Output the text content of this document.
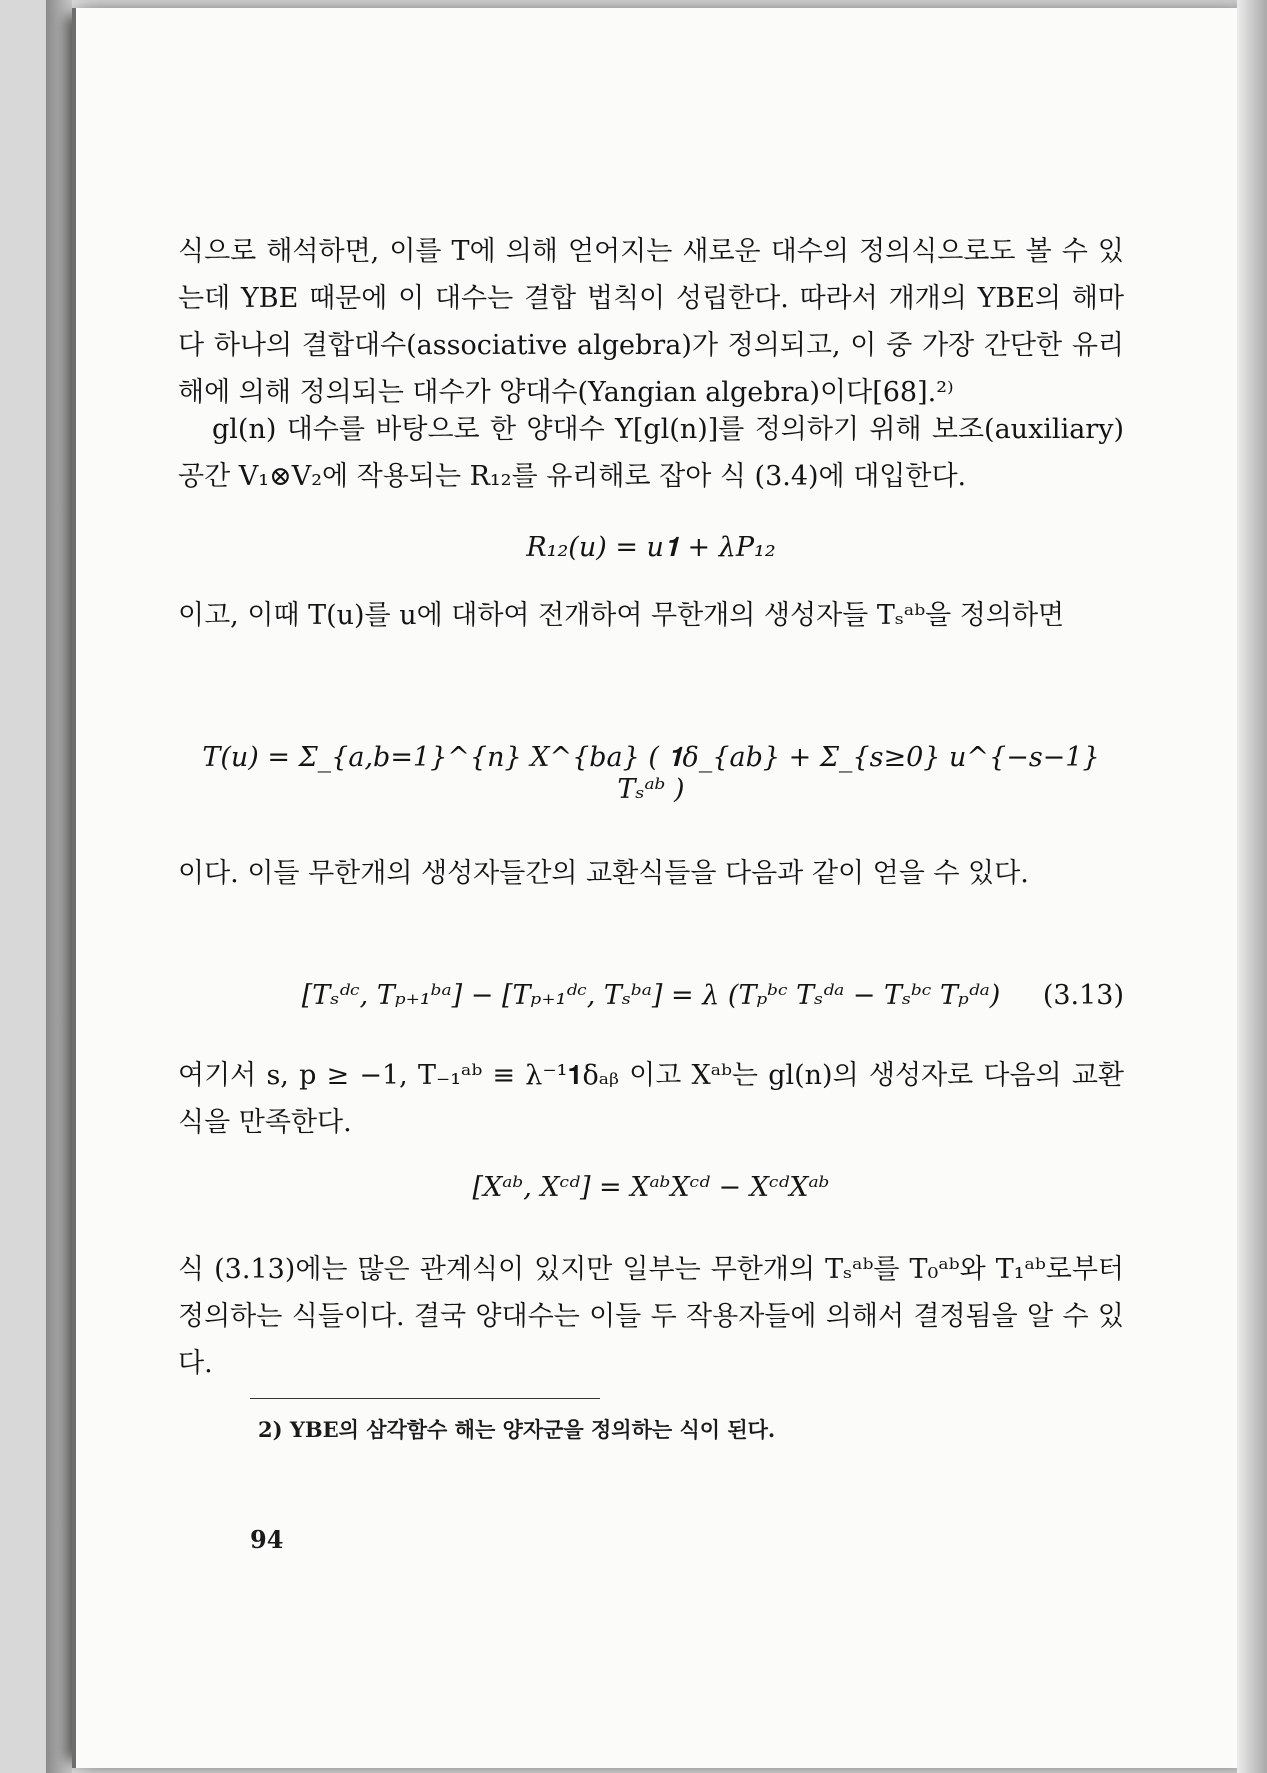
식으로 해석하면, 이를 T에 의해 얻어지는 새로운 대수의 정의식으로도 볼 수 있는데 YBE 때문에 이 대수는 결합 법칙이 성립한다. 따라서 개개의 YBE의 해마다 하나의 결합대수(associative algebra)가 정의되고, 이 중 가장 간단한 유리해에 의해 정의되는 대수가 양대수(Yangian algebra)이다[68].²⁾

gl(n) 대수를 바탕으로 한 양대수 Y[gl(n)]를 정의하기 위해 보조(auxiliary) 공간 V₁⊗V₂에 작용되는 R₁₂를 유리해로 잡아 식 (3.4)에 대입한다.

R₁₂(u) = u𝟏 + λP₁₂

이고, 이때 T(u)를 u에 대하여 전개하여 무한개의 생성자들 Tₛᵃᵇ을 정의하면

T(u) = Σ_{a,b=1}^{n} X^{ba} ( 𝟏δ_{ab} + Σ_{s≥0} u^{−s−1} Tₛᵃᵇ )

이다. 이들 무한개의 생성자들간의 교환식들을 다음과 같이 얻을 수 있다.

[Tₛᵈᶜ, Tₚ₊₁ᵇᵃ] − [Tₚ₊₁ᵈᶜ, Tₛᵇᵃ] = λ (Tₚᵇᶜ Tₛᵈᵃ − Tₛᵇᶜ Tₚᵈᵃ) (3.13)

여기서 s, p ≥ −1, T₋₁ᵃᵇ ≡ λ⁻¹𝟏δₐᵦ 이고 Xᵃᵇ는 gl(n)의 생성자로 다음의 교환식을 만족한다.

[Xᵃᵇ, Xᶜᵈ] = XᵃᵇXᶜᵈ − XᶜᵈXᵃᵇ

식 (3.13)에는 많은 관계식이 있지만 일부는 무한개의 Tₛᵃᵇ를 T₀ᵃᵇ와 T₁ᵃᵇ로부터 정의하는 식들이다. 결국 양대수는 이들 두 작용자들에 의해서 결정됨을 알 수 있다.

2) YBE의 삼각함수 해는 양자군을 정의하는 식이 된다.
94
